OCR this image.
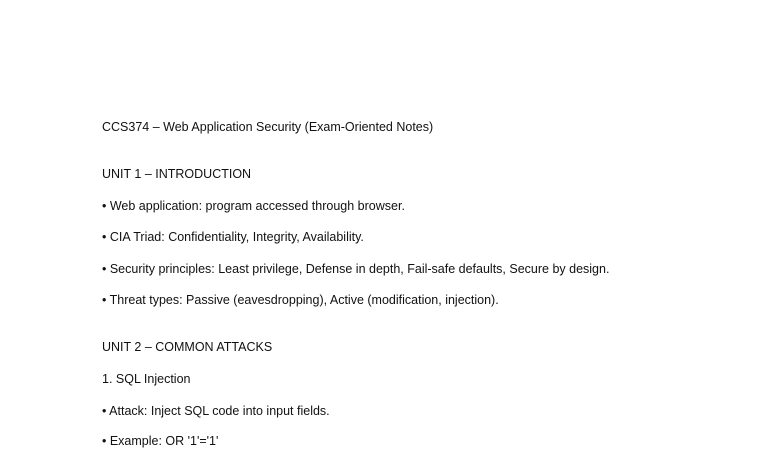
CCS374 – Web Application Security (Exam-Oriented Notes)
UNIT 1 – INTRODUCTION
• Web application: program accessed through browser.
• CIA Triad: Confidentiality, Integrity, Availability.
• Security principles: Least privilege, Defense in depth, Fail-safe defaults, Secure by design.
• Threat types: Passive (eavesdropping), Active (modification, injection).
UNIT 2 – COMMON ATTACKS
1. SQL Injection
• Attack: Inject SQL code into input fields.
• Example: OR '1'='1'
